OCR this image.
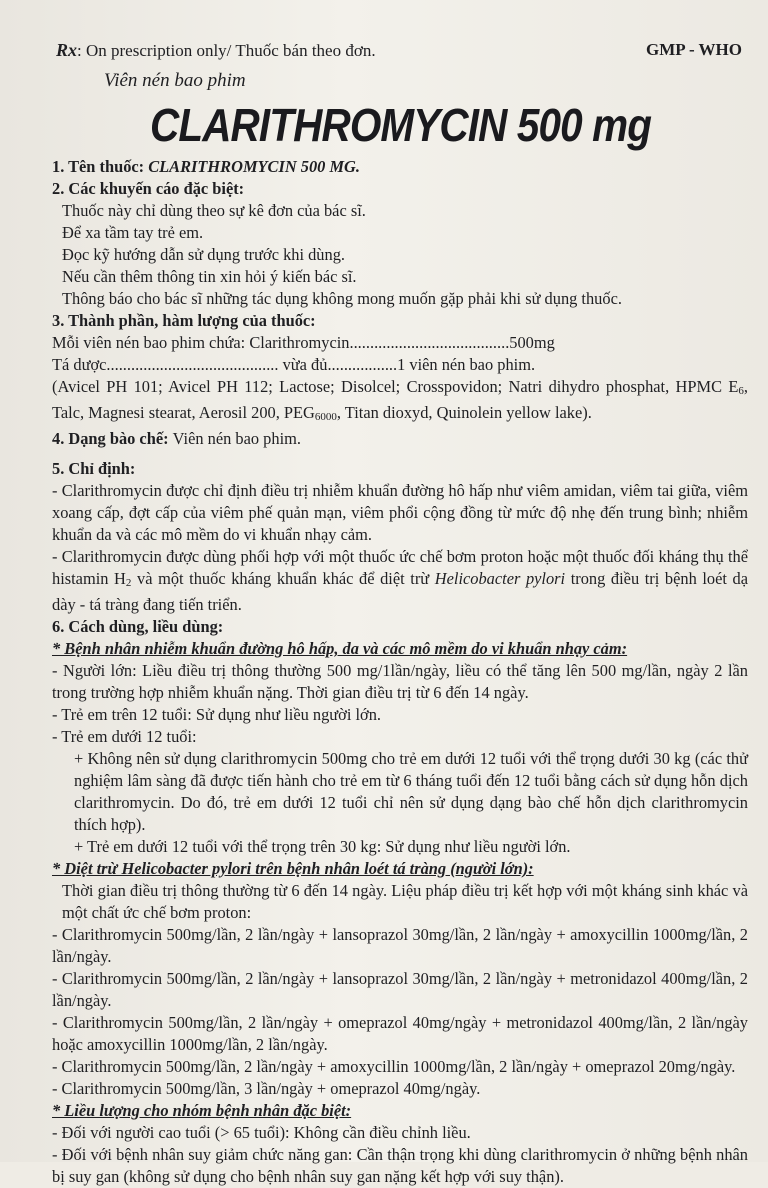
Rx: On prescription only/ Thuốc bán theo đơn.	GMP - WHO
Viên nén bao phim
CLARITHROMYCIN 500 mg

1. Tên thuốc: CLARITHROMYCIN 500 MG.

2. Các khuyến cáo đặc biệt:

Thuốc này chỉ dùng theo sự kê đơn của bác sĩ.

Để xa tầm tay trẻ em.

Đọc kỹ hướng dẫn sử dụng trước khi dùng.

Nếu cần thêm thông tin xin hỏi ý kiến bác sĩ.

Thông báo cho bác sĩ những tác dụng không mong muốn gặp phải khi sử dụng thuốc.

3. Thành phần, hàm lượng của thuốc:

Mỗi viên nén bao phim chứa: Clarithromycin.......................................500mg

Tá dược.......................................... vừa đủ.................1 viên nén bao phim.

(Avicel PH 101; Avicel PH 112; Lactose; Disolcel; Crosspovidon; Natri dihydro phosphat, HPMC $E_6$, Talc, Magnesi stearat, Aerosil 200, $PEG_{6000}$, Titan dioxyd, Quinolein yellow lake).

4. Dạng bào chế: Viên nén bao phim.

5. Chỉ định:

- Clarithromycin được chỉ định điều trị nhiễm khuẩn đường hô hấp như viêm amidan, viêm tai giữa, viêm xoang cấp, đợt cấp của viêm phế quản mạn, viêm phổi cộng đồng từ mức độ nhẹ đến trung bình; nhiễm khuẩn da và các mô mềm do vi khuẩn nhạy cảm.

- Clarithromycin được dùng phối hợp với một thuốc ức chế bơm proton hoặc một thuốc đối kháng thụ thể histamin $H_2$ và một thuốc kháng khuẩn khác để diệt trừ Helicobacter pylori trong điều trị bệnh loét dạ dày - tá tràng đang tiến triển.

6. Cách dùng, liều dùng:

* Bệnh nhân nhiễm khuẩn đường hô hấp, da và các mô mềm do vi khuẩn nhạy cảm:

- Người lớn: Liều điều trị thông thường 500 mg/1lần/ngày, liều có thể tăng lên 500 mg/lần, ngày 2 lần trong trường hợp nhiễm khuẩn nặng. Thời gian điều trị từ 6 đến 14 ngày.

- Trẻ em trên 12 tuổi: Sử dụng như liều người lớn.

- Trẻ em dưới 12 tuổi:

+ Không nên sử dụng clarithromycin 500mg cho trẻ em dưới 12 tuổi với thể trọng dưới 30 kg (các thử nghiệm lâm sàng đã được tiến hành cho trẻ em từ 6 tháng tuổi đến 12 tuổi bằng cách sử dụng hỗn dịch clarithromycin. Do đó, trẻ em dưới 12 tuổi chỉ nên sử dụng dạng bào chế hỗn dịch clarithromycin thích hợp).

+ Trẻ em dưới 12 tuổi với thể trọng trên 30 kg: Sử dụng như liều người lớn.

* Diệt trừ Helicobacter pylori trên bệnh nhân loét tá tràng (người lớn):

Thời gian điều trị thông thường từ 6 đến 14 ngày. Liệu pháp điều trị kết hợp với một kháng sinh khác và một chất ức chế bơm proton:

- Clarithromycin 500mg/lần, 2 lần/ngày + lansoprazol 30mg/lần, 2 lần/ngày + amoxycillin 1000mg/lần, 2 lần/ngày.

- Clarithromycin 500mg/lần, 2 lần/ngày + lansoprazol 30mg/lần, 2 lần/ngày + metronidazol 400mg/lần, 2 lần/ngày.

- Clarithromycin 500mg/lần, 2 lần/ngày + omeprazol 40mg/ngày + metronidazol 400mg/lần, 2 lần/ngày hoặc amoxycillin 1000mg/lần, 2 lần/ngày.

- Clarithromycin 500mg/lần, 2 lần/ngày + amoxycillin 1000mg/lần, 2 lần/ngày + omeprazol 20mg/ngày.

- Clarithromycin 500mg/lần, 3 lần/ngày + omeprazol 40mg/ngày.

* Liều lượng cho nhóm bệnh nhân đặc biệt:

- Đối với người cao tuổi (> 65 tuổi): Không cần điều chỉnh liều.

- Đối với bệnh nhân suy giảm chức năng gan: Cần thận trọng khi dùng clarithromycin ở những bệnh nhân bị suy gan (không sử dụng cho bệnh nhân suy gan nặng kết hợp với suy thận).
